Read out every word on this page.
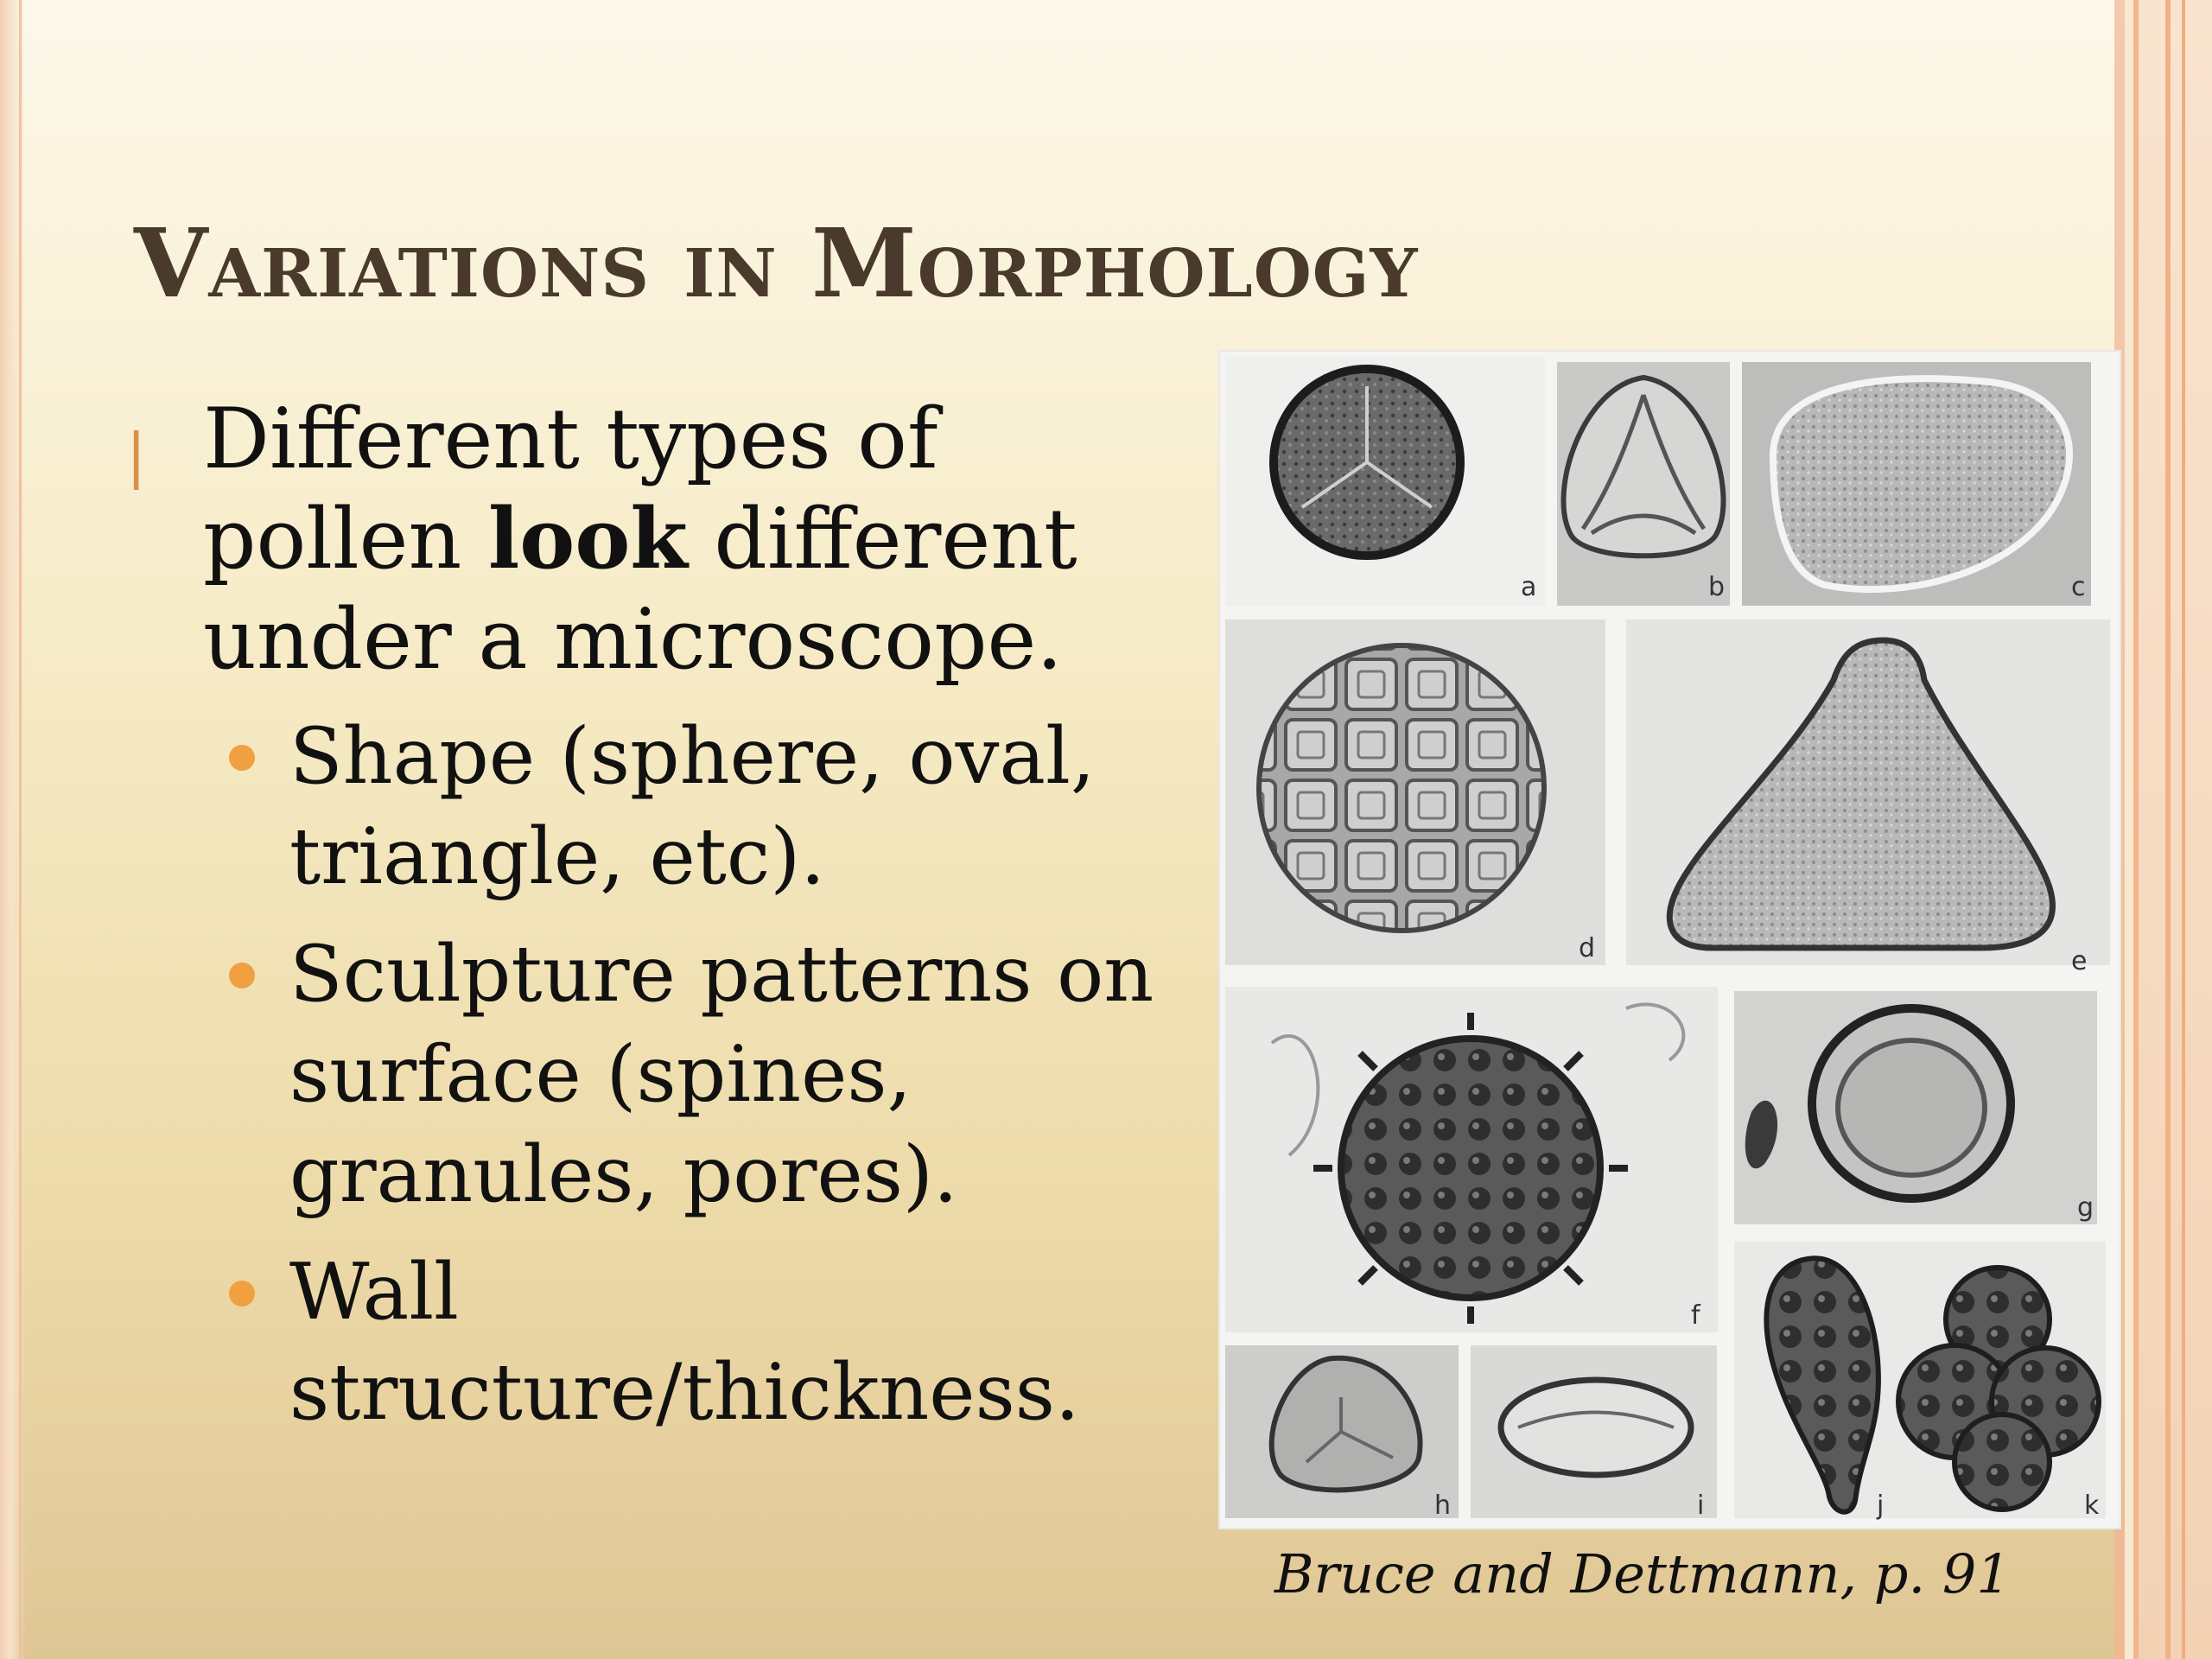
Variations in Morphology
∣ Different types of pollen look different under a microscope.
Shape (sphere, oval, triangle, etc).
Sculpture patterns on surface (spines, granules, pores).
Wall structure/thickness.
a	b	c
d	e
f
g
h	i	j	k
Bruce and Dettmann, p. 91
